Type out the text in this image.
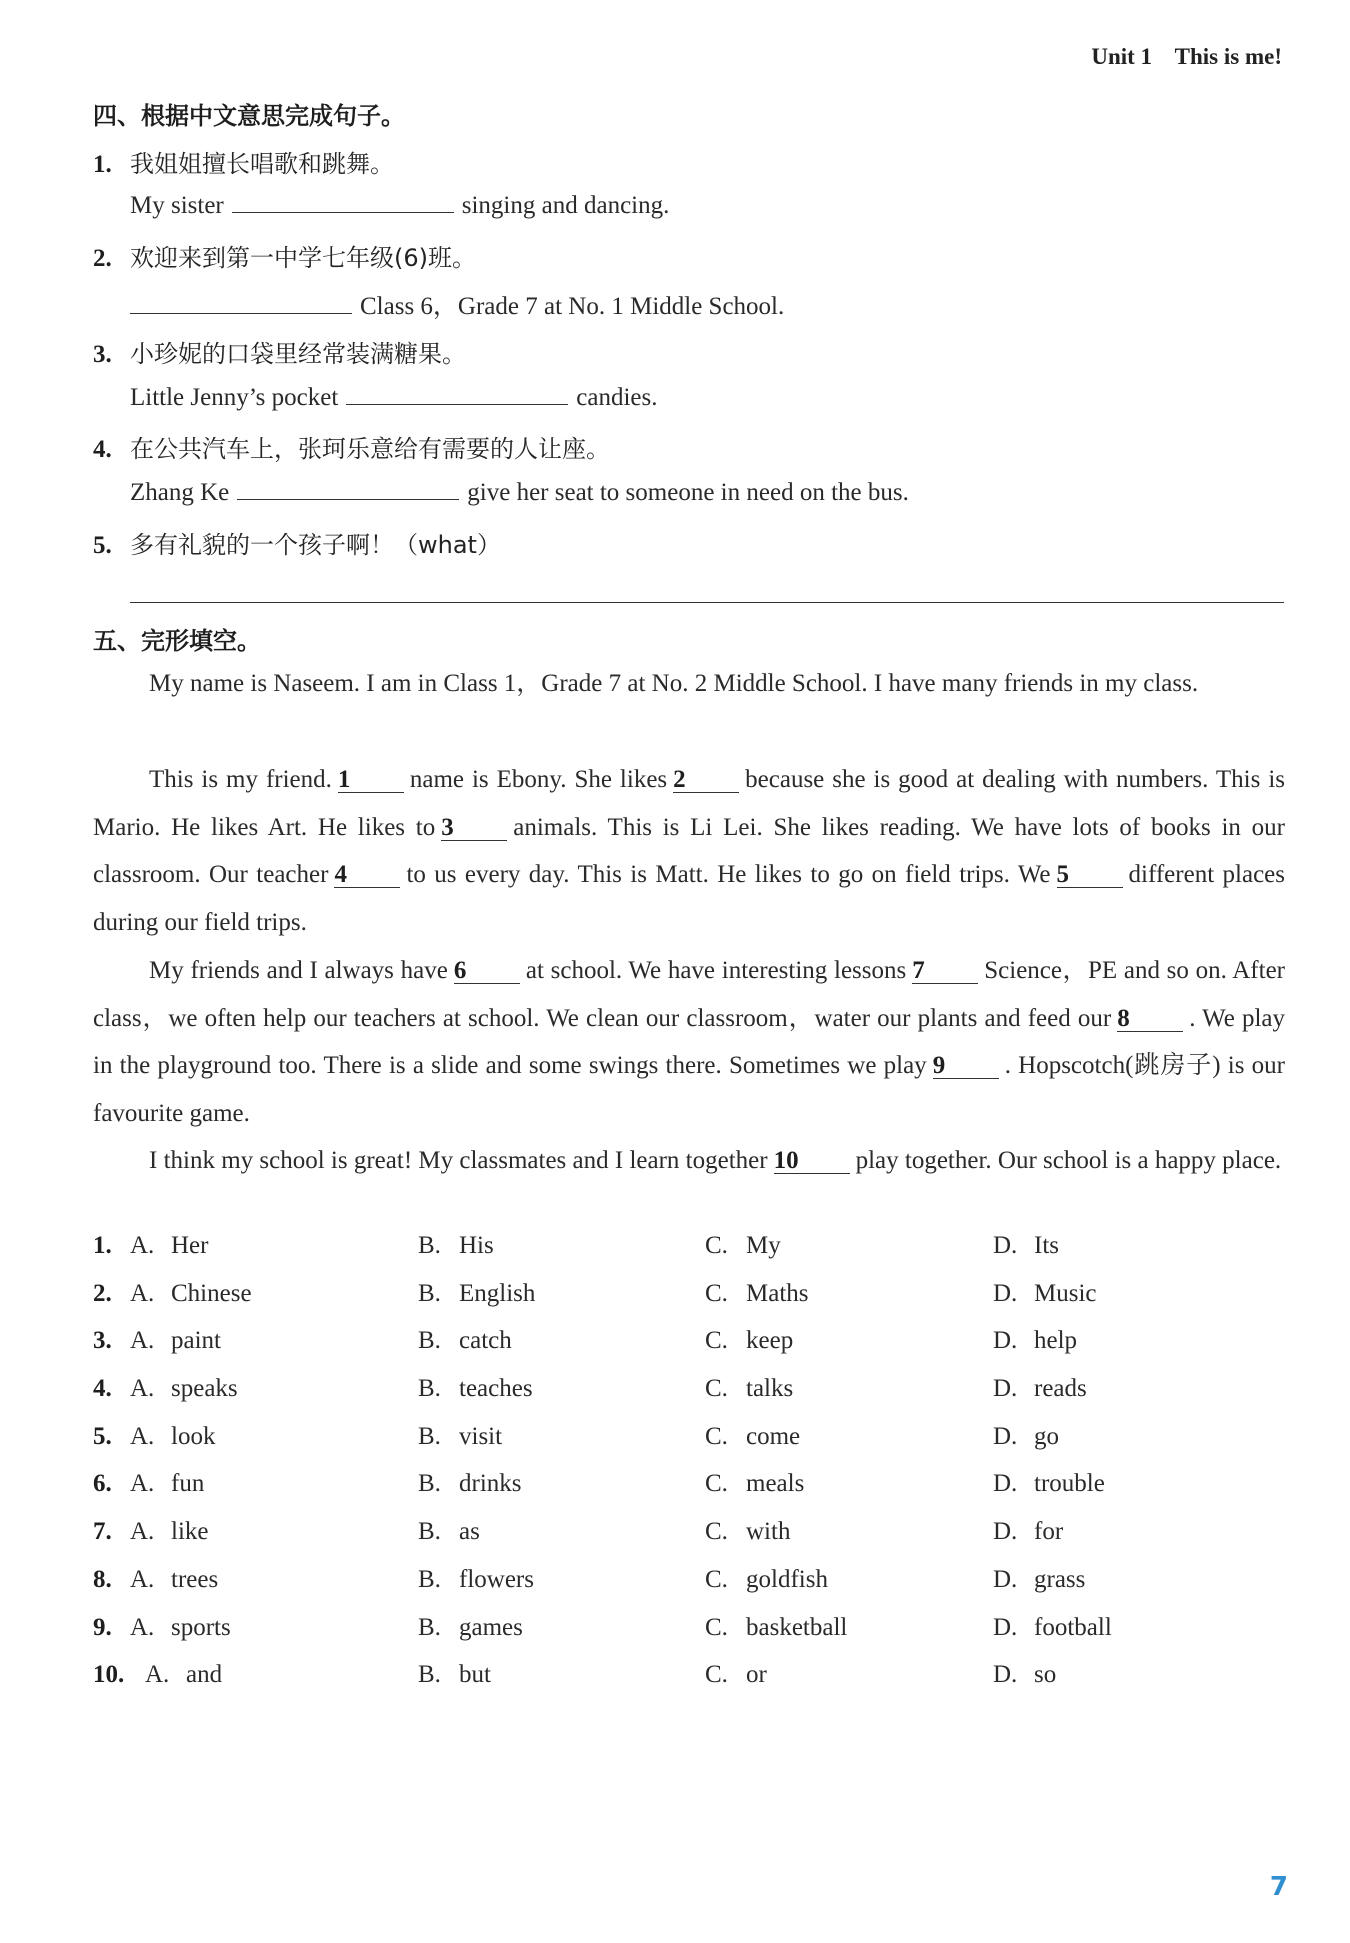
Unit 1    This is me!
四、根据中文意思完成句子。
1. 我姐姐擅长唱歌和跳舞。
My sister	singing and dancing.
2. 欢迎来到第一中学七年级(6)班。
Class 6，Grade 7 at No. 1 Middle School.
3. 小珍妮的口袋里经常装满糖果。
Little Jenny’s pocket	candies.
4. 在公共汽车上，张珂乐意给有需要的人让座。
Zhang Ke	give her seat to someone in need on the bus.
5. 多有礼貌的一个孩子啊！（what）
五、完形填空。
My name is Naseem. I am in Class 1，Grade 7 at No. 2 Middle School. I have many friends in my class.
This is my friend. 1 name is Ebony. She likes 2 because she is good at dealing with numbers. This is Mario. He likes Art. He likes to 3 animals. This is Li Lei. She likes reading. We have lots of books in our classroom. Our teacher 4 to us every day. This is Matt. He likes to go on field trips. We 5 different places during our field trips.
My friends and I always have 6 at school. We have interesting lessons 7 Science，PE and so on. After class，we often help our teachers at school. We clean our classroom，water our plants and feed our 8 . We play in the playground too. There is a slide and some swings there. Sometimes we play 9 . Hopscotch(跳房子) is our favourite game.
I think my school is great! My classmates and I learn together 10 play together. Our school is a happy place.
1. A. Her	B. His	C. My	D. Its
2. A. Chinese	B. English	C. Maths	D. Music
3. A. paint	B. catch	C. keep	D. help
4. A. speaks	B. teaches	C. talks	D. reads
5. A. look	B. visit	C. come	D. go
6. A. fun	B. drinks	C. meals	D. trouble
7. A. like	B. as	C. with	D. for
8. A. trees	B. flowers	C. goldfish	D. grass
9. A. sports	B. games	C. basketball	D. football
10. A. and	B. but	C. or	D. so
7
